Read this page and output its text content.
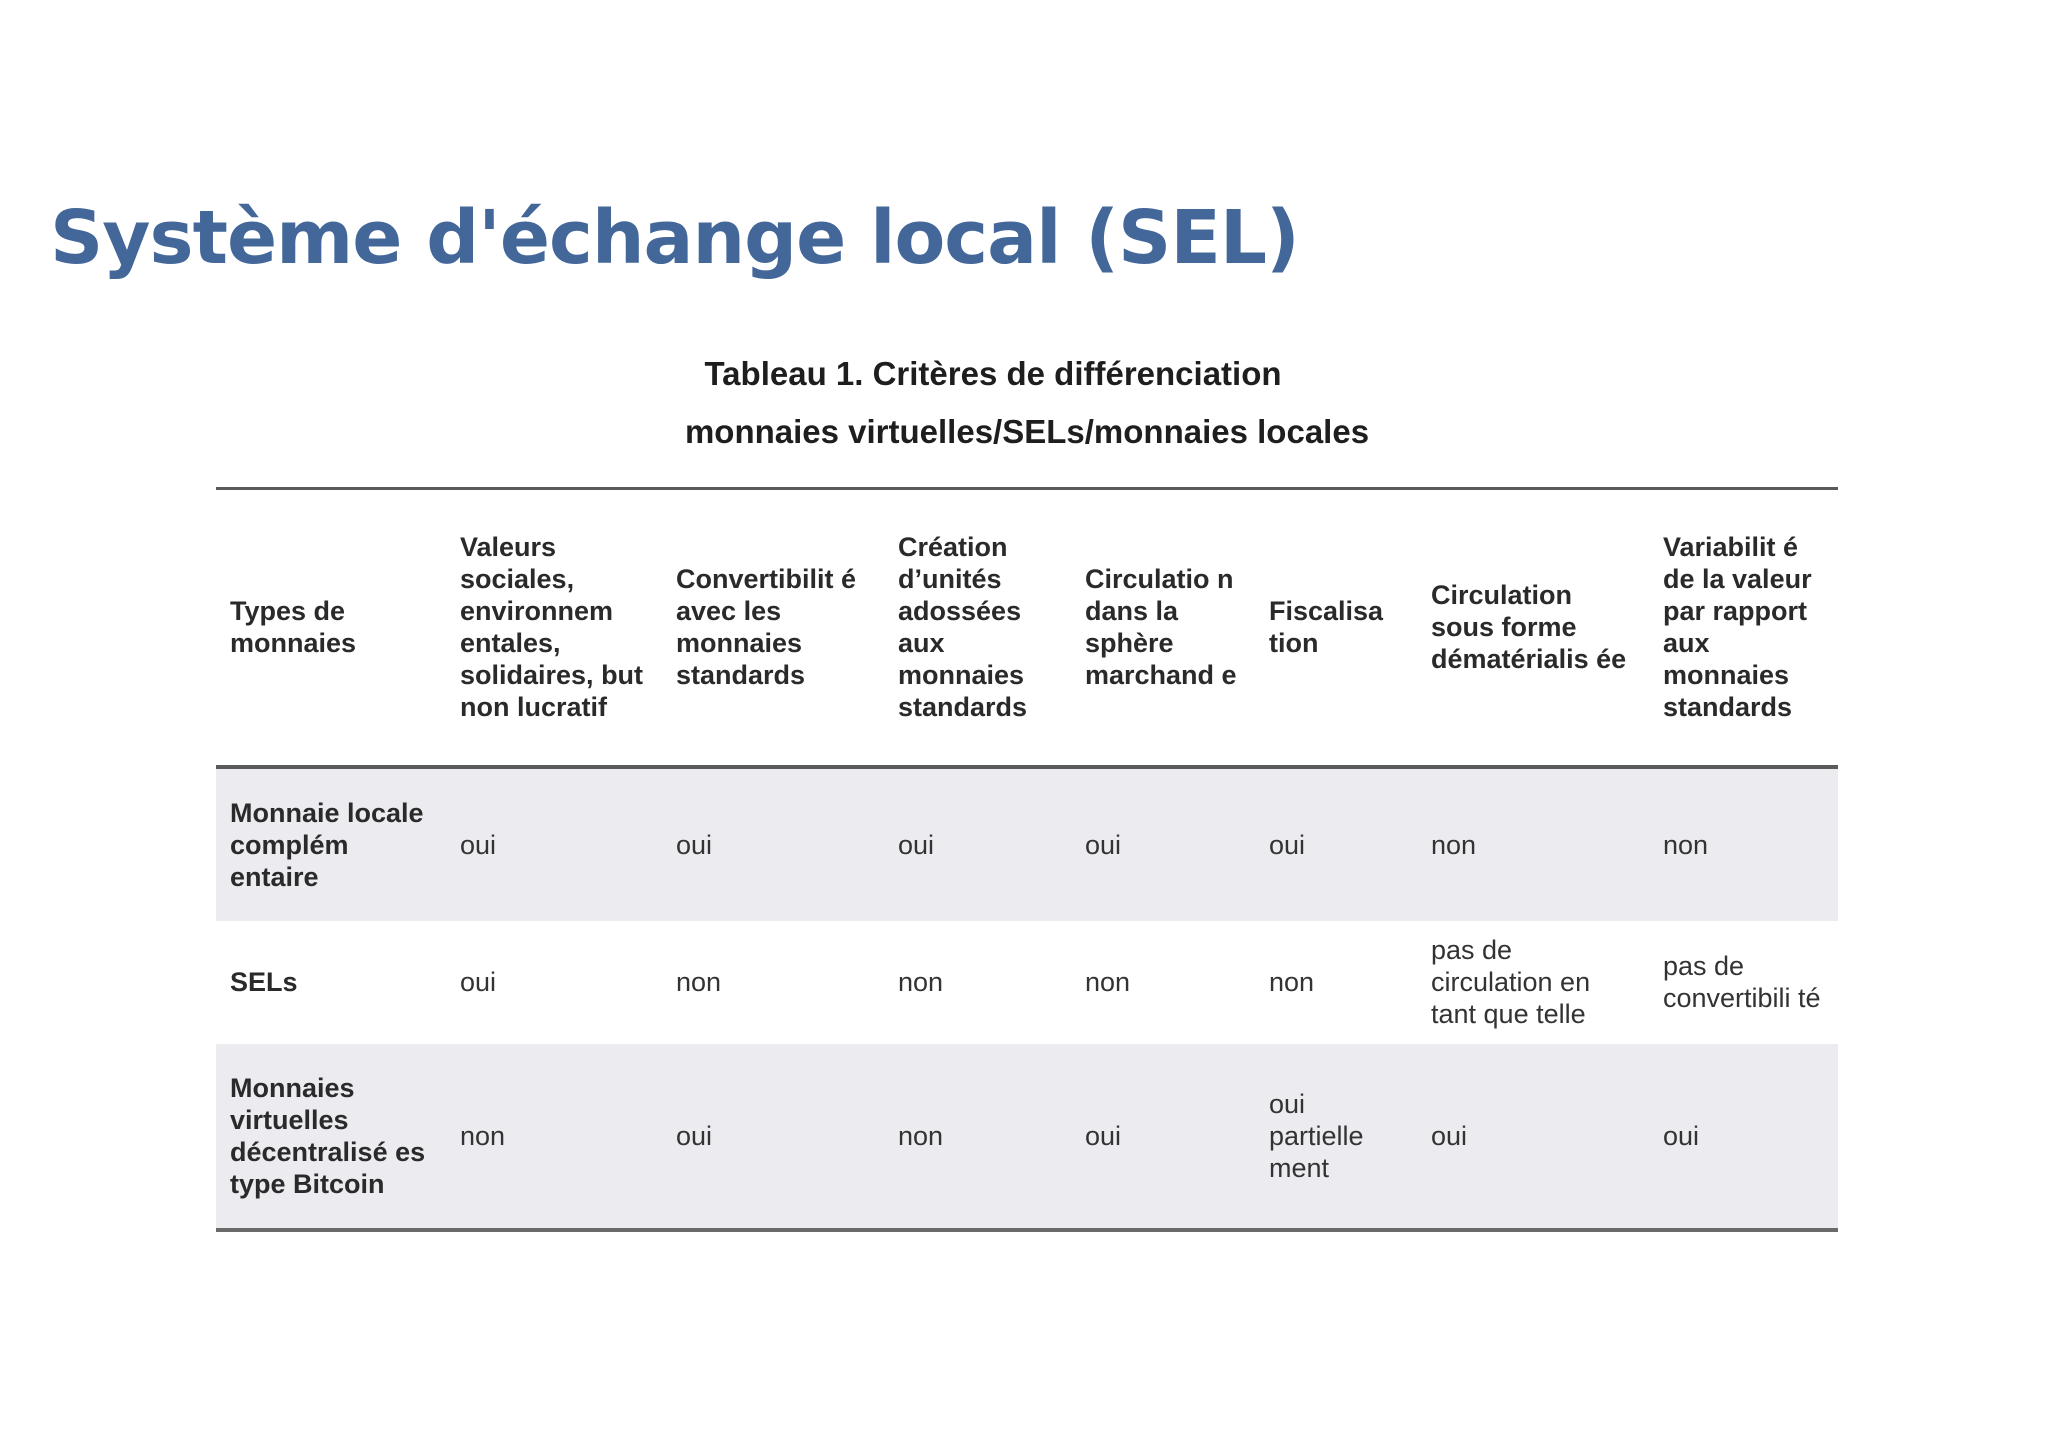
Système d'échange local (SEL)
Tableau 1. Critères de différenciation
monnaies virtuelles/SELs/monnaies locales
Types de monnaies	Valeurs sociales, environnem entales, solidaires, but non lucratif	Convertibilit é avec les monnaies standards	Création d’unités adossées aux monnaies standards	Circulatio n dans la sphère marchand e	Fiscalisa tion	Circulation sous forme dématérialis ée	Variabilit é de la valeur par rapport aux monnaies standards
Monnaie locale complém entaire	oui	oui	oui	oui	oui	non	non
SELs	oui	non	non	non	non	pas de circulation en tant que telle	pas de convertibili té
Monnaies virtuelles décentralisé es type Bitcoin	non	oui	non	oui	oui partielle ment	oui	oui
